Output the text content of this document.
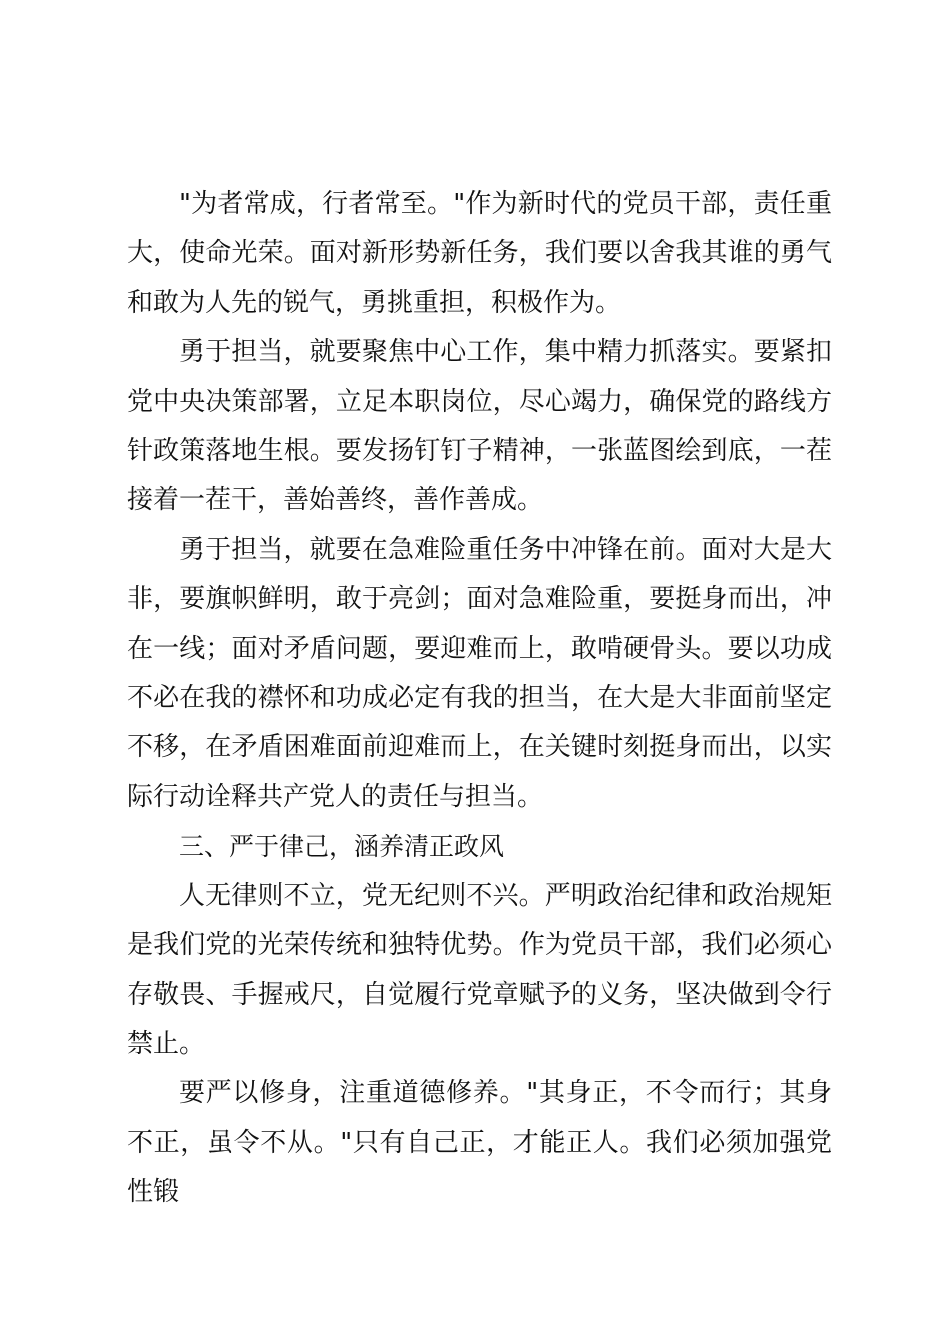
"为者常成，行者常至。"作为新时代的党员干部，责任重大，使命光荣。面对新形势新任务，我们要以舍我其谁的勇气和敢为人先的锐气，勇挑重担，积极作为。

勇于担当，就要聚焦中心工作，集中精力抓落实。要紧扣党中央决策部署，立足本职岗位，尽心竭力，确保党的路线方针政策落地生根。要发扬钉钉子精神，一张蓝图绘到底，一茬接着一茬干，善始善终，善作善成。

勇于担当，就要在急难险重任务中冲锋在前。面对大是大非，要旗帜鲜明，敢于亮剑；面对急难险重，要挺身而出，冲在一线；面对矛盾问题，要迎难而上，敢啃硬骨头。要以功成不必在我的襟怀和功成必定有我的担当，在大是大非面前坚定不移，在矛盾困难面前迎难而上，在关键时刻挺身而出，以实际行动诠释共产党人的责任与担当。

三、严于律己，涵养清正政风

人无律则不立，党无纪则不兴。严明政治纪律和政治规矩是我们党的光荣传统和独特优势。作为党员干部，我们必须心存敬畏、手握戒尺，自觉履行党章赋予的义务，坚决做到令行禁止。

要严以修身，注重道德修养。"其身正，不令而行；其身不正，虽令不从。"只有自己正，才能正人。我们必须加强党性锻
